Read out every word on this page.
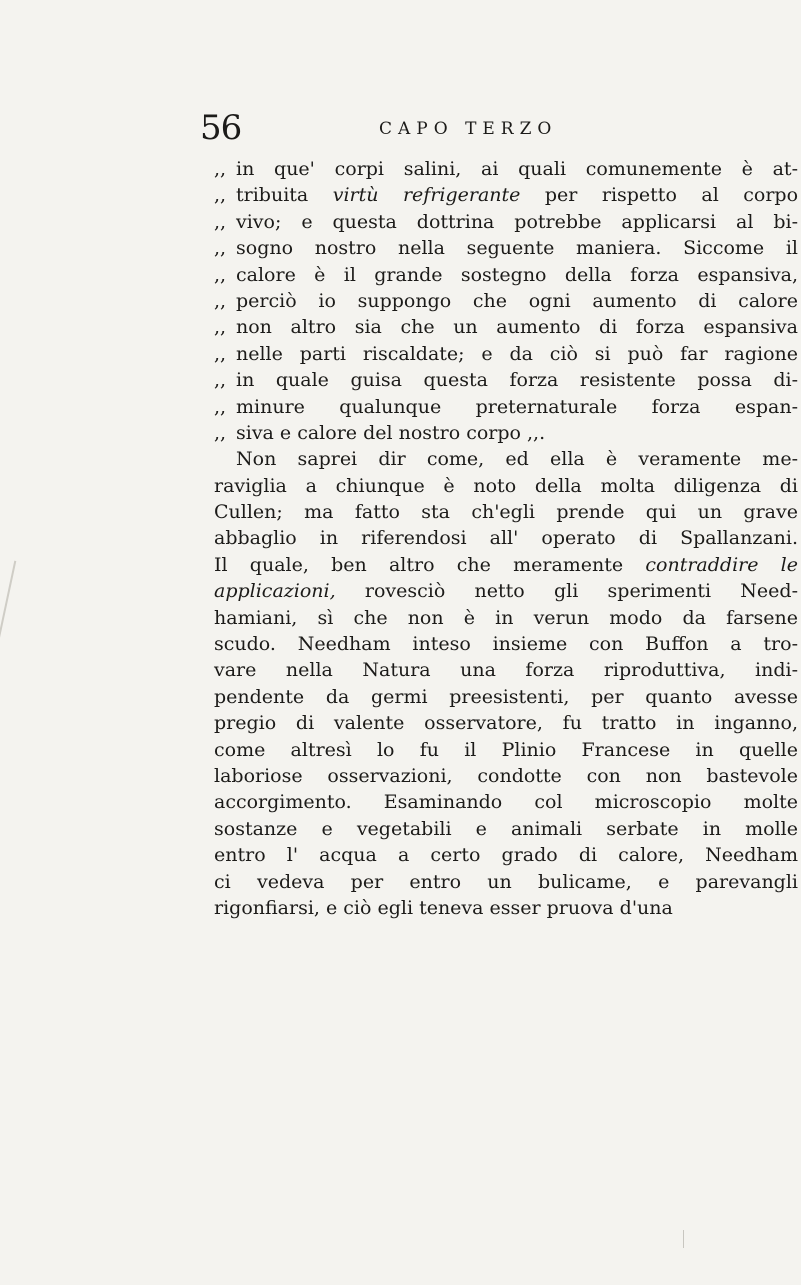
56	CAPO TERZO
,, in que' corpi salini, ai quali comunemente è at-
,, tribuita virtù refrigerante per rispetto al corpo
,, vivo; e questa dottrina potrebbe applicarsi al bi-
,, sogno nostro nella seguente maniera. Siccome il
,, calore è il grande sostegno della forza espansiva,
,, perciò io suppongo che ogni aumento di calore
,, non altro sia che un aumento di forza espansiva
,, nelle parti riscaldate; e da ciò si può far ragione
,, in quale guisa questa forza resistente possa di-
,, minure qualunque preternaturale forza espan-
,, siva e calore del nostro corpo ,,.
Non saprei dir come, ed ella è veramente me-
raviglia a chiunque è noto della molta diligenza di
Cullen; ma fatto sta ch'egli prende qui un grave
abbaglio in riferendosi all' operato di Spallanzani.
Il quale, ben altro che meramente contraddire le
applicazioni, rovesciò netto gli sperimenti Need-
hamiani, sì che non è in verun modo da farsene
scudo. Needham inteso insieme con Buffon a tro-
vare nella Natura una forza riproduttiva, indi-
pendente da germi preesistenti, per quanto avesse
pregio di valente osservatore, fu tratto in inganno,
come altresì lo fu il Plinio Francese in quelle
laboriose osservazioni, condotte con non bastevole
accorgimento. Esaminando col microscopio molte
sostanze e vegetabili e animali serbate in molle
entro l' acqua a certo grado di calore, Needham
ci vedeva per entro un bulicame, e parevangli
rigonfiarsi, e ciò egli teneva esser pruova d'una
